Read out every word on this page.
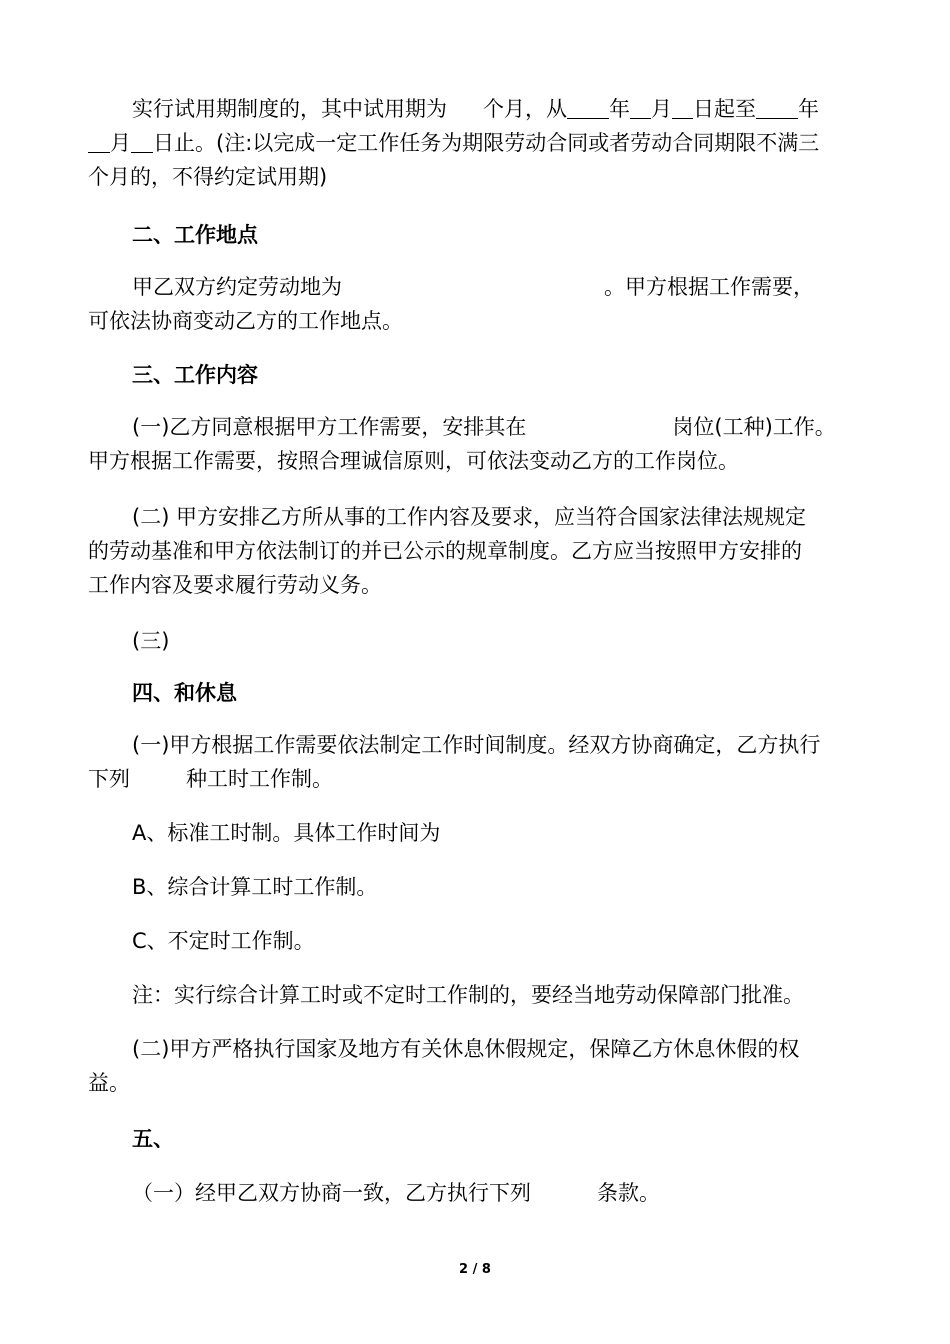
实行试用期制度的，其中试用期为 个月，从 年 月 日起至 年
月 日止。(注:以完成一定工作任务为期限劳动合同或者劳动合同期限不满三
个月的，不得约定试用期)

二、工作地点

甲乙双方约定劳动地为	。甲方根据工作需要，
可依法协商变动乙方的工作地点。

三、工作内容

(一)乙方同意根据甲方工作需要，安排其在	岗位(工种)工作。
甲方根据工作需要，按照合理诚信原则，可依法变动乙方的工作岗位。

(二) 甲方安排乙方所从事的工作内容及要求，应当符合国家法律法规规定
的劳动基准和甲方依法制订的并已公示的规章制度。乙方应当按照甲方安排的
工作内容及要求履行劳动义务。

(三)

四、和休息

(一)甲方根据工作需要依法制定工作时间制度。经双方协商确定，乙方执行
下列	种工时工作制。

A、标准工时制。具体工作时间为

B、综合计算工时工作制。

C、不定时工作制。

注：实行综合计算工时或不定时工作制的，要经当地劳动保障部门批准。

(二)甲方严格执行国家及地方有关休息休假规定，保障乙方休息休假的权
益。

五、

（一）经甲乙双方协商一致，乙方执行下列	条款。

2 / 8
